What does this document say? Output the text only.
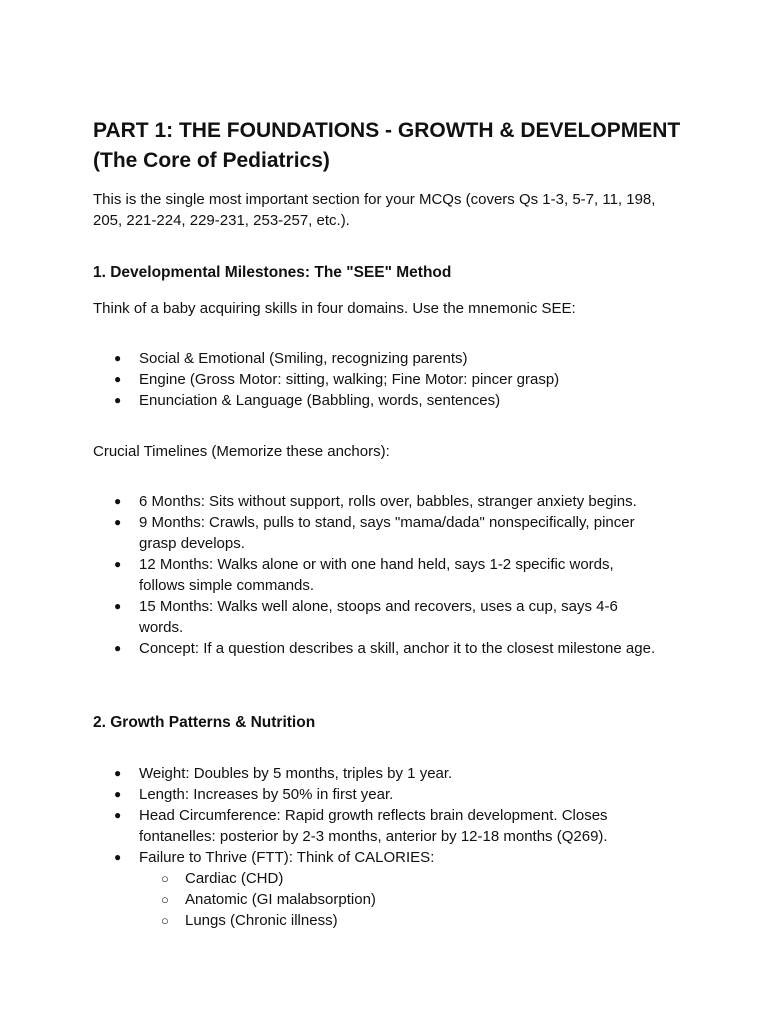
PART 1: THE FOUNDATIONS - GROWTH & DEVELOPMENT (The Core of Pediatrics)

This is the single most important section for your MCQs (covers Qs 1-3, 5-7, 11, 198, 205, 221-224, 229-231, 253-257, etc.).

1. Developmental Milestones: The "SEE" Method

Think of a baby acquiring skills in four domains. Use the mnemonic SEE:

● Social & Emotional (Smiling, recognizing parents)
● Engine (Gross Motor: sitting, walking; Fine Motor: pincer grasp)
● Enunciation & Language (Babbling, words, sentences)

Crucial Timelines (Memorize these anchors):

● 6 Months: Sits without support, rolls over, babbles, stranger anxiety begins.
● 9 Months: Crawls, pulls to stand, says "mama/dada" nonspecifically, pincer grasp develops.
● 12 Months: Walks alone or with one hand held, says 1-2 specific words, follows simple commands.
● 15 Months: Walks well alone, stoops and recovers, uses a cup, says 4-6 words.
● Concept: If a question describes a skill, anchor it to the closest milestone age.
2. Growth Patterns & Nutrition
● Weight: Doubles by 5 months, triples by 1 year.
● Length: Increases by 50% in first year.
● Head Circumference: Rapid growth reflects brain development. Closes fontanelles: posterior by 2-3 months, anterior by 12-18 months (Q269).
● Failure to Thrive (FTT): Think of CALORIES:
○ Cardiac (CHD)
○ Anatomic (GI malabsorption)
○ Lungs (Chronic illness)
